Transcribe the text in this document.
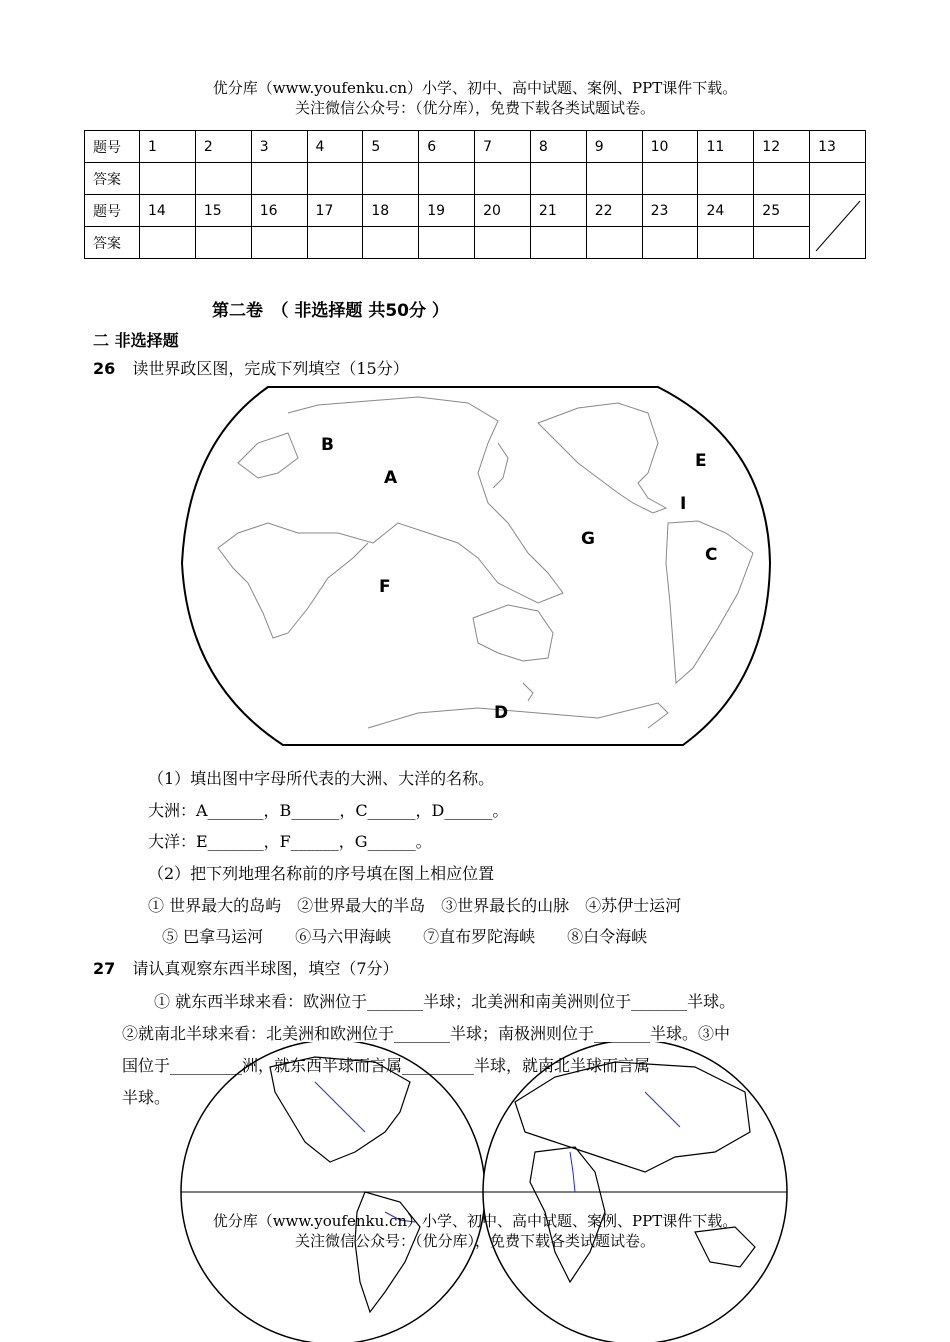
优分库（www.youfenku.cn）小学、初中、高中试题、案例、PPT课件下载。
关注微信公众号：（优分库），免费下载各类试题试卷。
题号	1	2	3	4	5	6	7	8	9	10	11	12	13
答案													
题号	14	15	16	17	18	19	20	21	22	23	24	25	

答案													
第二卷　（ 非选择题 共50分 ）
二 非选择题
26 读世界政区图，完成下列填空（15分）
B
A
E
I
G
C
F
D
（1）填出图中字母所代表的大洲、大洋的名称。
大洲：A_______，B______，C______，D______。
大洋：E_______，F______，G______。
（2）把下列地理名称前的序号填在图上相应位置
① 世界最大的岛屿　②世界最大的半岛　③世界最长的山脉　④苏伊士运河
⑤ 巴拿马运河　　⑥马六甲海峡　　⑦直布罗陀海峡　　⑧白令海峡
27 请认真观察东西半球图，填空（7分）
① 就东西半球来看：欧洲位于_______半球；北美洲和南美洲则位于_______半球。
②就南北半球来看：北美洲和欧洲位于_______半球；南极洲则位于_______半球。③中
国位于_________洲，就东西半球而言属_________半球，就南北半球而言属
半球。
优分库（www.youfenku.cn）小学、初中、高中试题、案例、PPT课件下载。
关注微信公众号：（优分库），免费下载各类试题试卷。
